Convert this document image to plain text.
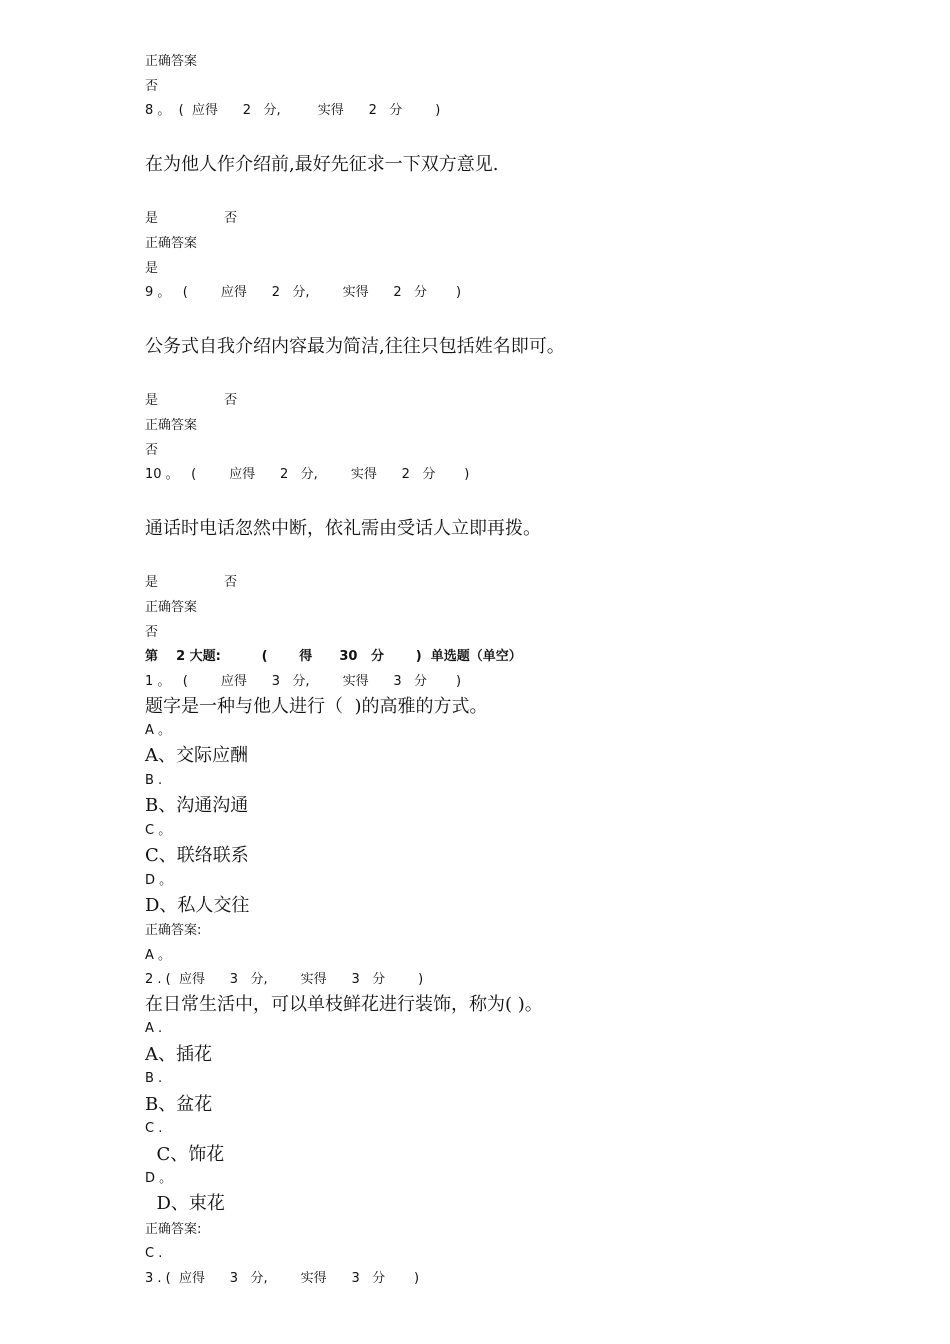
正确答案
否
8 。  (  应得      2   分,         实得      2   分        )
在为他人作介绍前,最好先征求一下双方意见.
是                否
正确答案
是
9 。   (        应得      2   分,        实得      2   分       )
公务式自我介绍内容最为简洁,往往只包括姓名即可。
是                否
正确答案
否
10 。   (        应得      2   分,        实得      2   分       )
通话时电话忽然中断，依礼需由受话人立即再拨。
是                否
正确答案
否
第    2 大题:         (       得      30   分       )  单选题（单空）
1 。   (        应得      3   分,        实得      3   分       )
题字是一种与他人进行（  )的高雅的方式。
A 。
A、交际应酬
B .
B、沟通沟通
C 。
C、联络联系
D 。
D、私人交往
正确答案:
A 。
2 . (  应得      3   分,        实得      3   分        )
在日常生活中，可以单枝鲜花进行装饰，称为( )。
A .
A、插花
B .
B、盆花
C .
C、饰花
D 。
D、束花
正确答案:
C .
3 . (  应得      3   分,        实得      3   分       )
